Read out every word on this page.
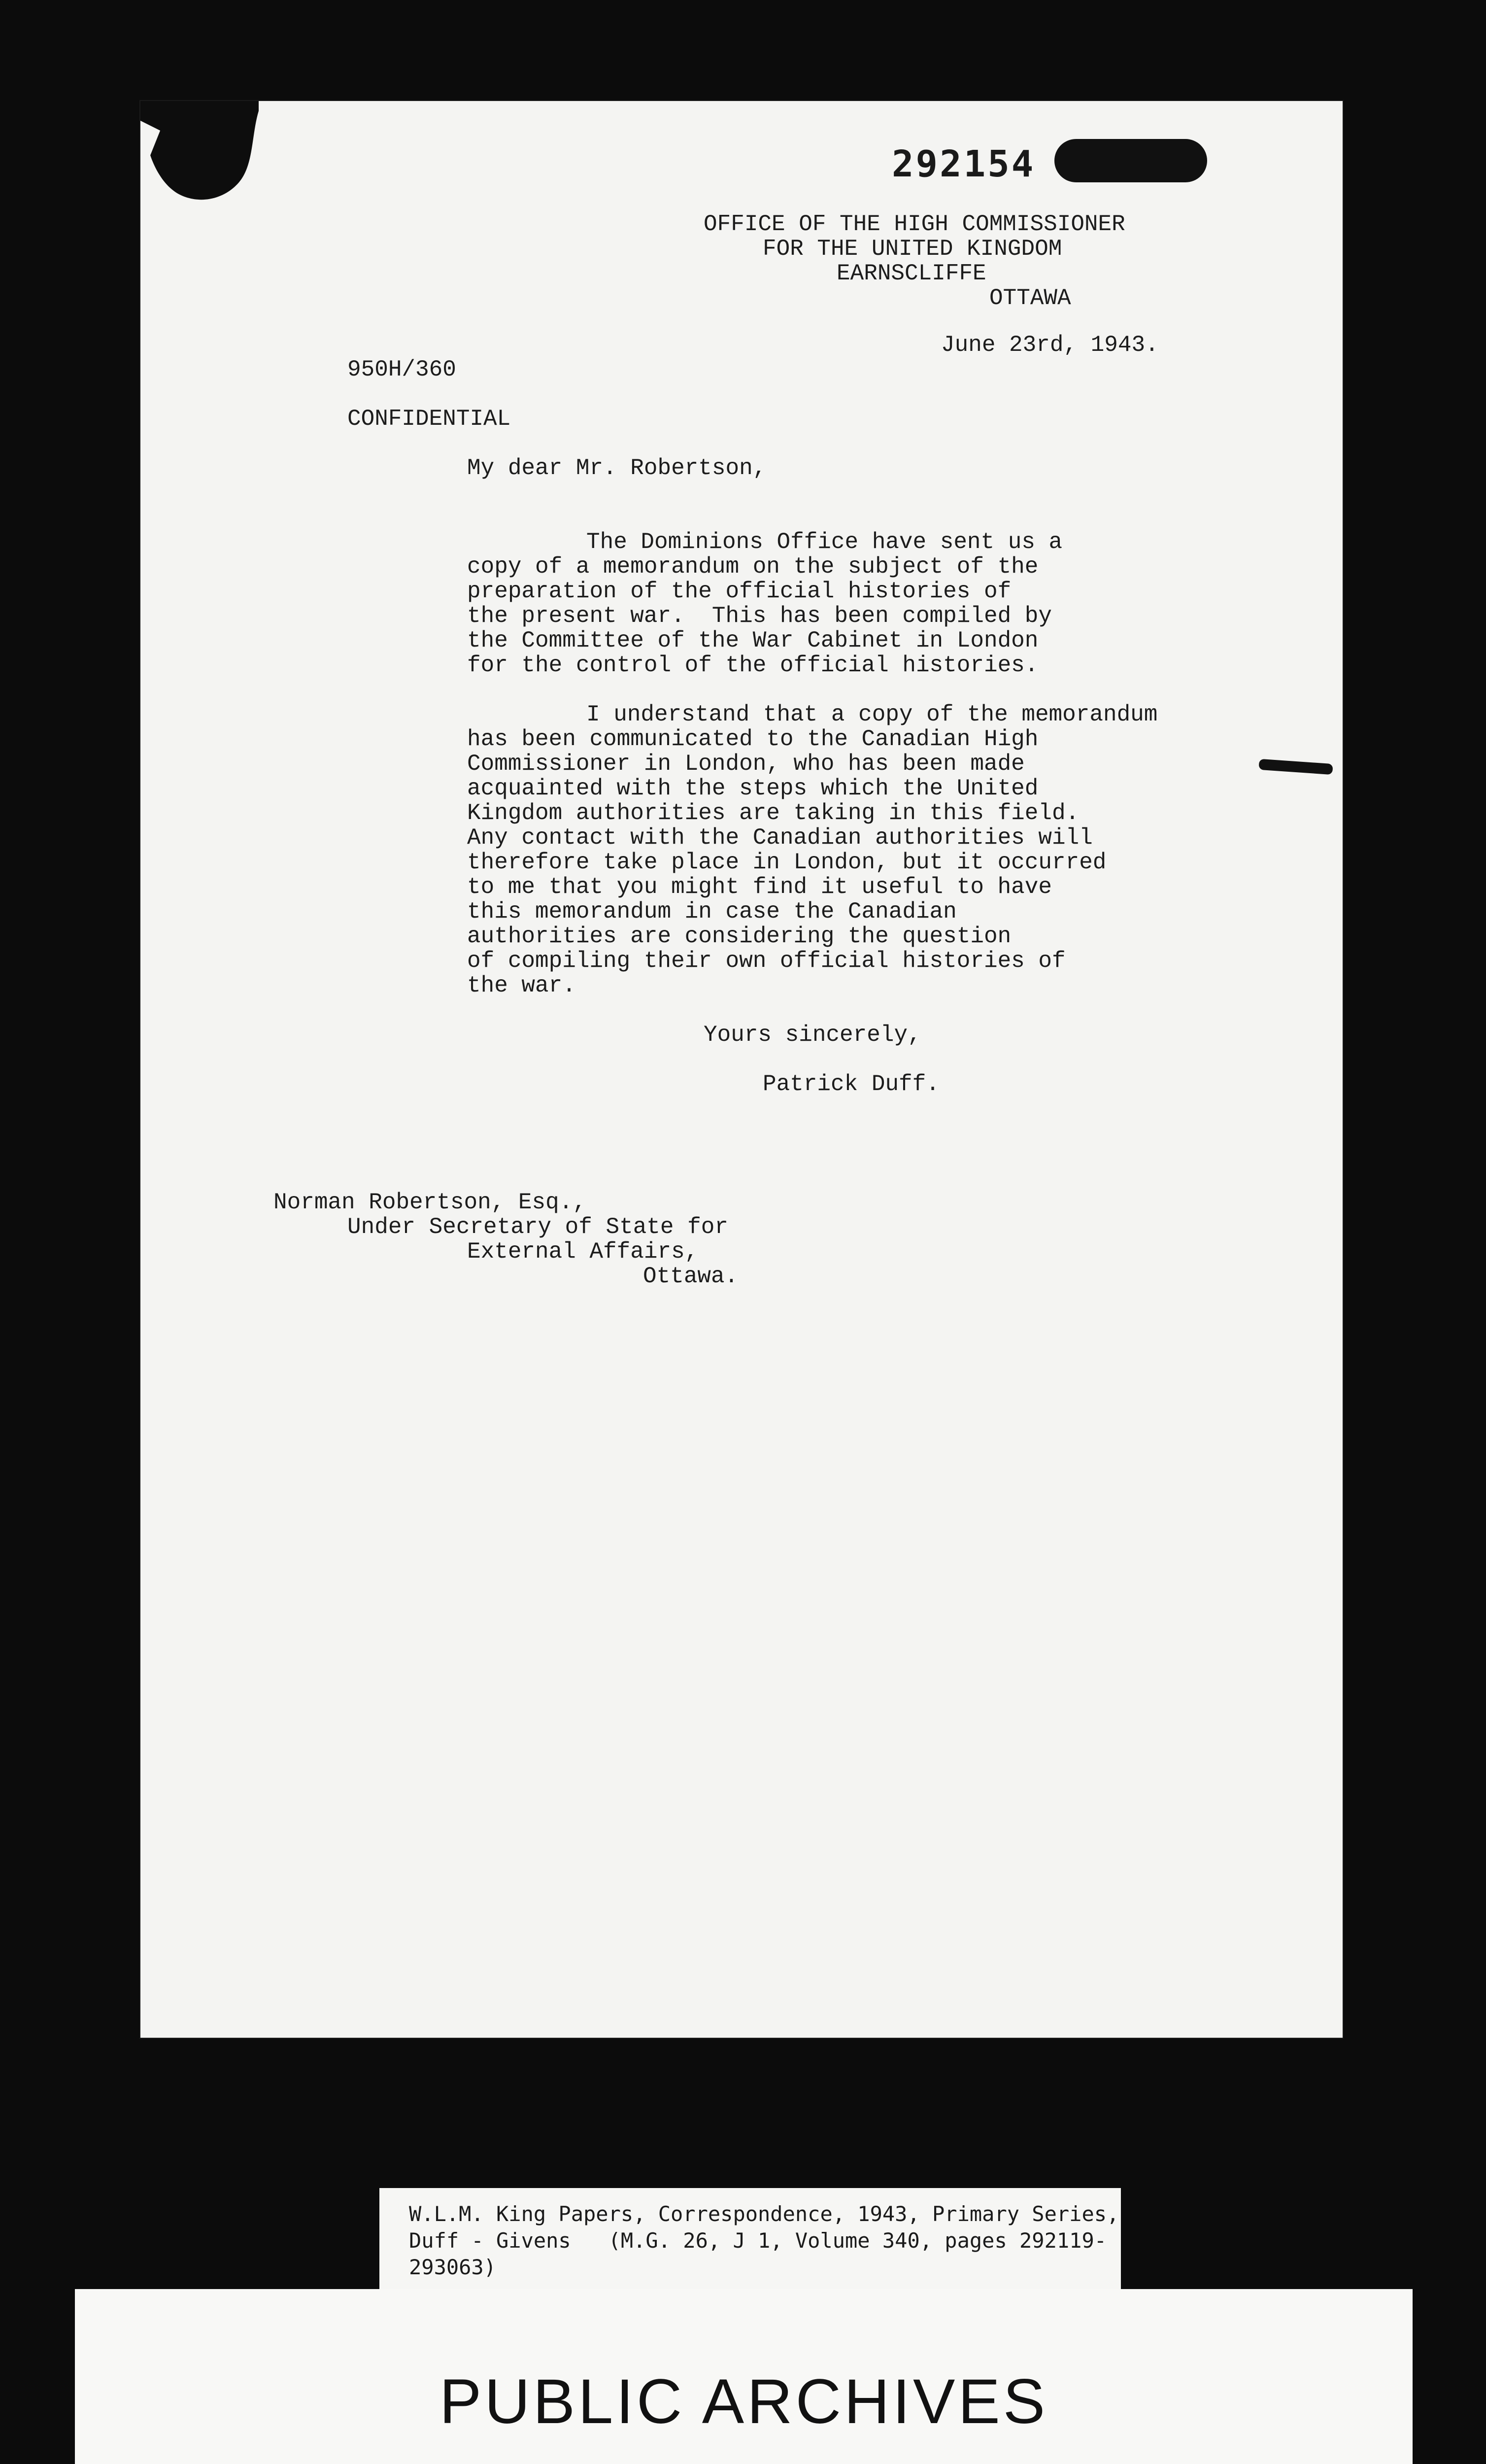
292154
OFFICE OF THE HIGH COMMISSIONER
FOR THE UNITED KINGDOM
EARNSCLIFFE
OTTAWA
June 23rd, 1943.
950H/360
CONFIDENTIAL
My dear Mr. Robertson,
The Dominions Office have sent us a
copy of a memorandum on the subject of the
preparation of the official histories of
the present war.  This has been compiled by
the Committee of the War Cabinet in London
for the control of the official histories.
I understand that a copy of the memorandum
has been communicated to the Canadian High
Commissioner in London, who has been made
acquainted with the steps which the United
Kingdom authorities are taking in this field.
Any contact with the Canadian authorities will
therefore take place in London, but it occurred
to me that you might find it useful to have
this memorandum in case the Canadian
authorities are considering the question
of compiling their own official histories of
the war.
Yours sincerely,
Patrick Duff.
Norman Robertson, Esq.,
Under Secretary of State for
External Affairs,
Ottawa.
W.L.M. King Papers, Correspondence, 1943, Primary Series,
Duff - Givens   (M.G. 26, J 1, Volume 340, pages 292119-
293063)
PUBLIC ARCHIVES
